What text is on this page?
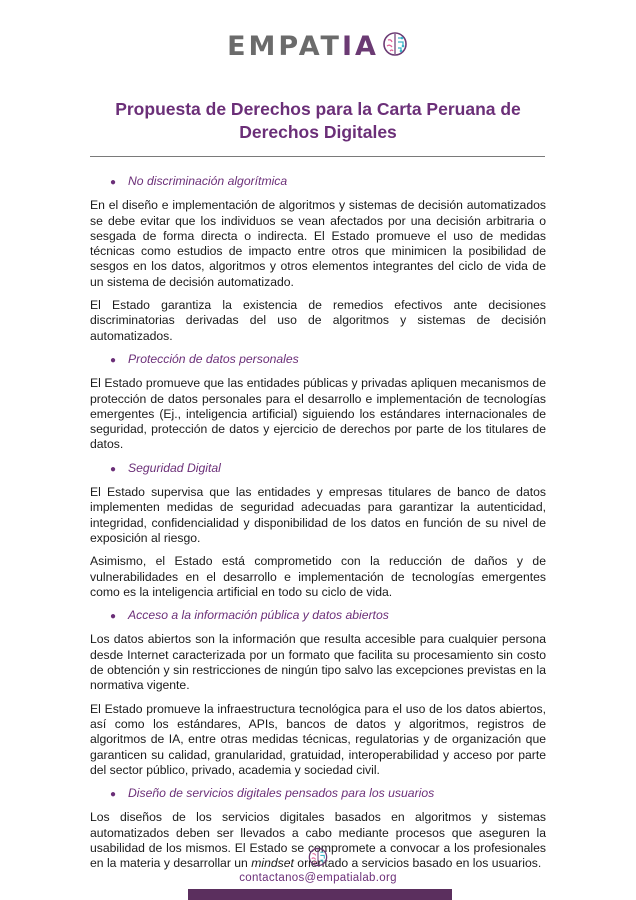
EMPATIA
Propuesta de Derechos para la Carta Peruana de Derechos Digitales
● No discriminación algorítmica

En el diseño e implementación de algoritmos y sistemas de decisión automatizados se debe evitar que los individuos se vean afectados por una decisión arbitraria o sesgada de forma directa o indirecta. El Estado promueve el uso de medidas técnicas como estudios de impacto entre otros que minimicen la posibilidad de sesgos en los datos, algoritmos y otros elementos integrantes del ciclo de vida de un sistema de decisión automatizado.

El Estado garantiza la existencia de remedios efectivos ante decisiones discriminatorias derivadas del uso de algoritmos y sistemas de decisión automatizados.

● Protección de datos personales

El Estado promueve que las entidades públicas y privadas apliquen mecanismos de protección de datos personales para el desarrollo e implementación de tecnologías emergentes (Ej., inteligencia artificial) siguiendo los estándares internacionales de seguridad, protección de datos y ejercicio de derechos por parte de los titulares de datos.

● Seguridad Digital

El Estado supervisa que las entidades y empresas titulares de banco de datos implementen medidas de seguridad adecuadas para garantizar la autenticidad, integridad, confidencialidad y disponibilidad de los datos en función de su nivel de exposición al riesgo.

Asimismo, el Estado está comprometido con la reducción de daños y de vulnerabilidades en el desarrollo e implementación de tecnologías emergentes como es la inteligencia artificial en todo su ciclo de vida.

● Acceso a la información pública y datos abiertos

Los datos abiertos son la información que resulta accesible para cualquier persona desde Internet caracterizada por un formato que facilita su procesamiento sin costo de obtención y sin restricciones de ningún tipo salvo las excepciones previstas en la normativa vigente.

El Estado promueve la infraestructura tecnológica para el uso de los datos abiertos, así como los estándares, APIs, bancos de datos y algoritmos, registros de algoritmos de IA, entre otras medidas técnicas, regulatorias y de organización que garanticen su calidad, granularidad, gratuidad, interoperabilidad y acceso por parte del sector público, privado, academia y sociedad civil.

● Diseño de servicios digitales pensados para los usuarios

Los diseños de los servicios digitales basados en algoritmos y sistemas automatizados deben ser llevados a cabo mediante procesos que aseguren la usabilidad de los mismos. El Estado se compromete a convocar a los profesionales en la materia y desarrollar un mindset orientado a servicios basado en los usuarios.

contactanos@empatialab.org
